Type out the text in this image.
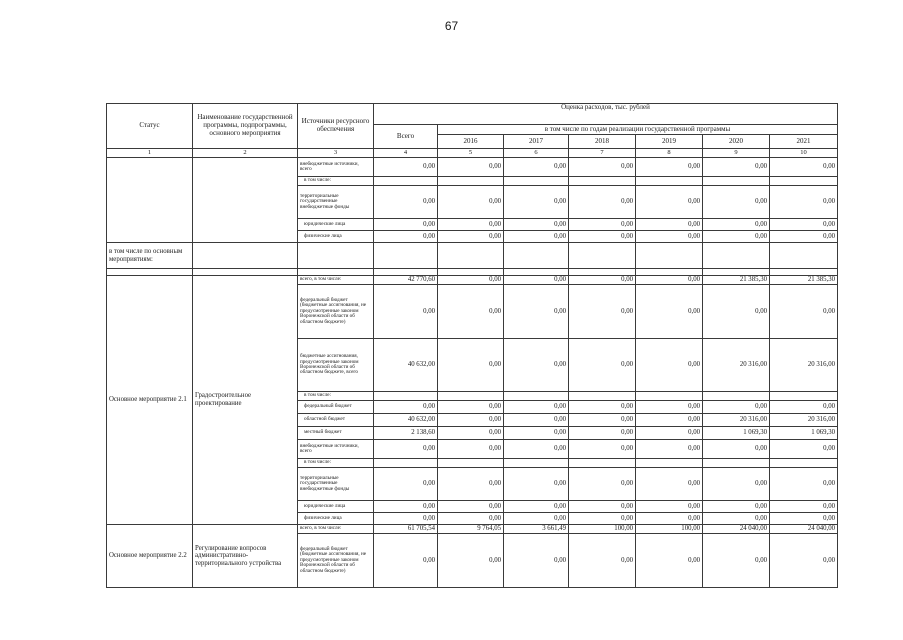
67
Статус	Наименование государственной программы, подпрограммы, основного мероприятия	Источники ресурсного обеспечения	Оценка расходов, тыс. рублей						
			Всего	в том числе по годам реализации государственной программы					
				2016	2017	2018	2019	2020	2021
1	2	3	4	5	6	7	8	9	10
		внебюджетные источники, всего	0,00	0,00	0,00	0,00	0,00	0,00	0,00
		в том числе:							
		территориальные государственные внебюджетные фонды	0,00	0,00	0,00	0,00	0,00	0,00	0,00
		юридические лица	0,00	0,00	0,00	0,00	0,00	0,00	0,00
		физические лица	0,00	0,00	0,00	0,00	0,00	0,00	0,00
в том числе по основным мероприятиям:									

Основное мероприятие 2.1	Градостроительное проектирование	всего, в том числе:	42 770,60	0,00	0,00	0,00	0,00	21 385,30	21 385,30
		федеральный бюджет (бюджетные ассигнования, не предусмотренные законом Воронежской области об областном бюджете)	0,00	0,00	0,00	0,00	0,00	0,00	0,00
		бюджетные ассигнования, предусмотренные законом Воронежской области об областном бюджете, всего	40 632,00	0,00	0,00	0,00	0,00	20 316,00	20 316,00
		в том числе:							
		федеральный бюджет	0,00	0,00	0,00	0,00	0,00	0,00	0,00
		областной бюджет	40 632,00	0,00	0,00	0,00	0,00	20 316,00	20 316,00
		местный бюджет	2 138,60	0,00	0,00	0,00	0,00	1 069,30	1 069,30
		внебюджетные источники, всего	0,00	0,00	0,00	0,00	0,00	0,00	0,00
		в том числе:							
		территориальные государственные внебюджетные фонды	0,00	0,00	0,00	0,00	0,00	0,00	0,00
		юридические лица	0,00	0,00	0,00	0,00	0,00	0,00	0,00
		физические лица	0,00	0,00	0,00	0,00	0,00	0,00	0,00
Основное мероприятие 2.2	Регулирование вопросов административно-территориального устройства	всего, в том числе:	61 705,54	9 764,05	3 661,49	100,00	100,00	24 040,00	24 040,00
		федеральный бюджет (бюджетные ассигнования, не предусмотренные законом Воронежской области об областном бюджете)	0,00	0,00	0,00	0,00	0,00	0,00	0,00
